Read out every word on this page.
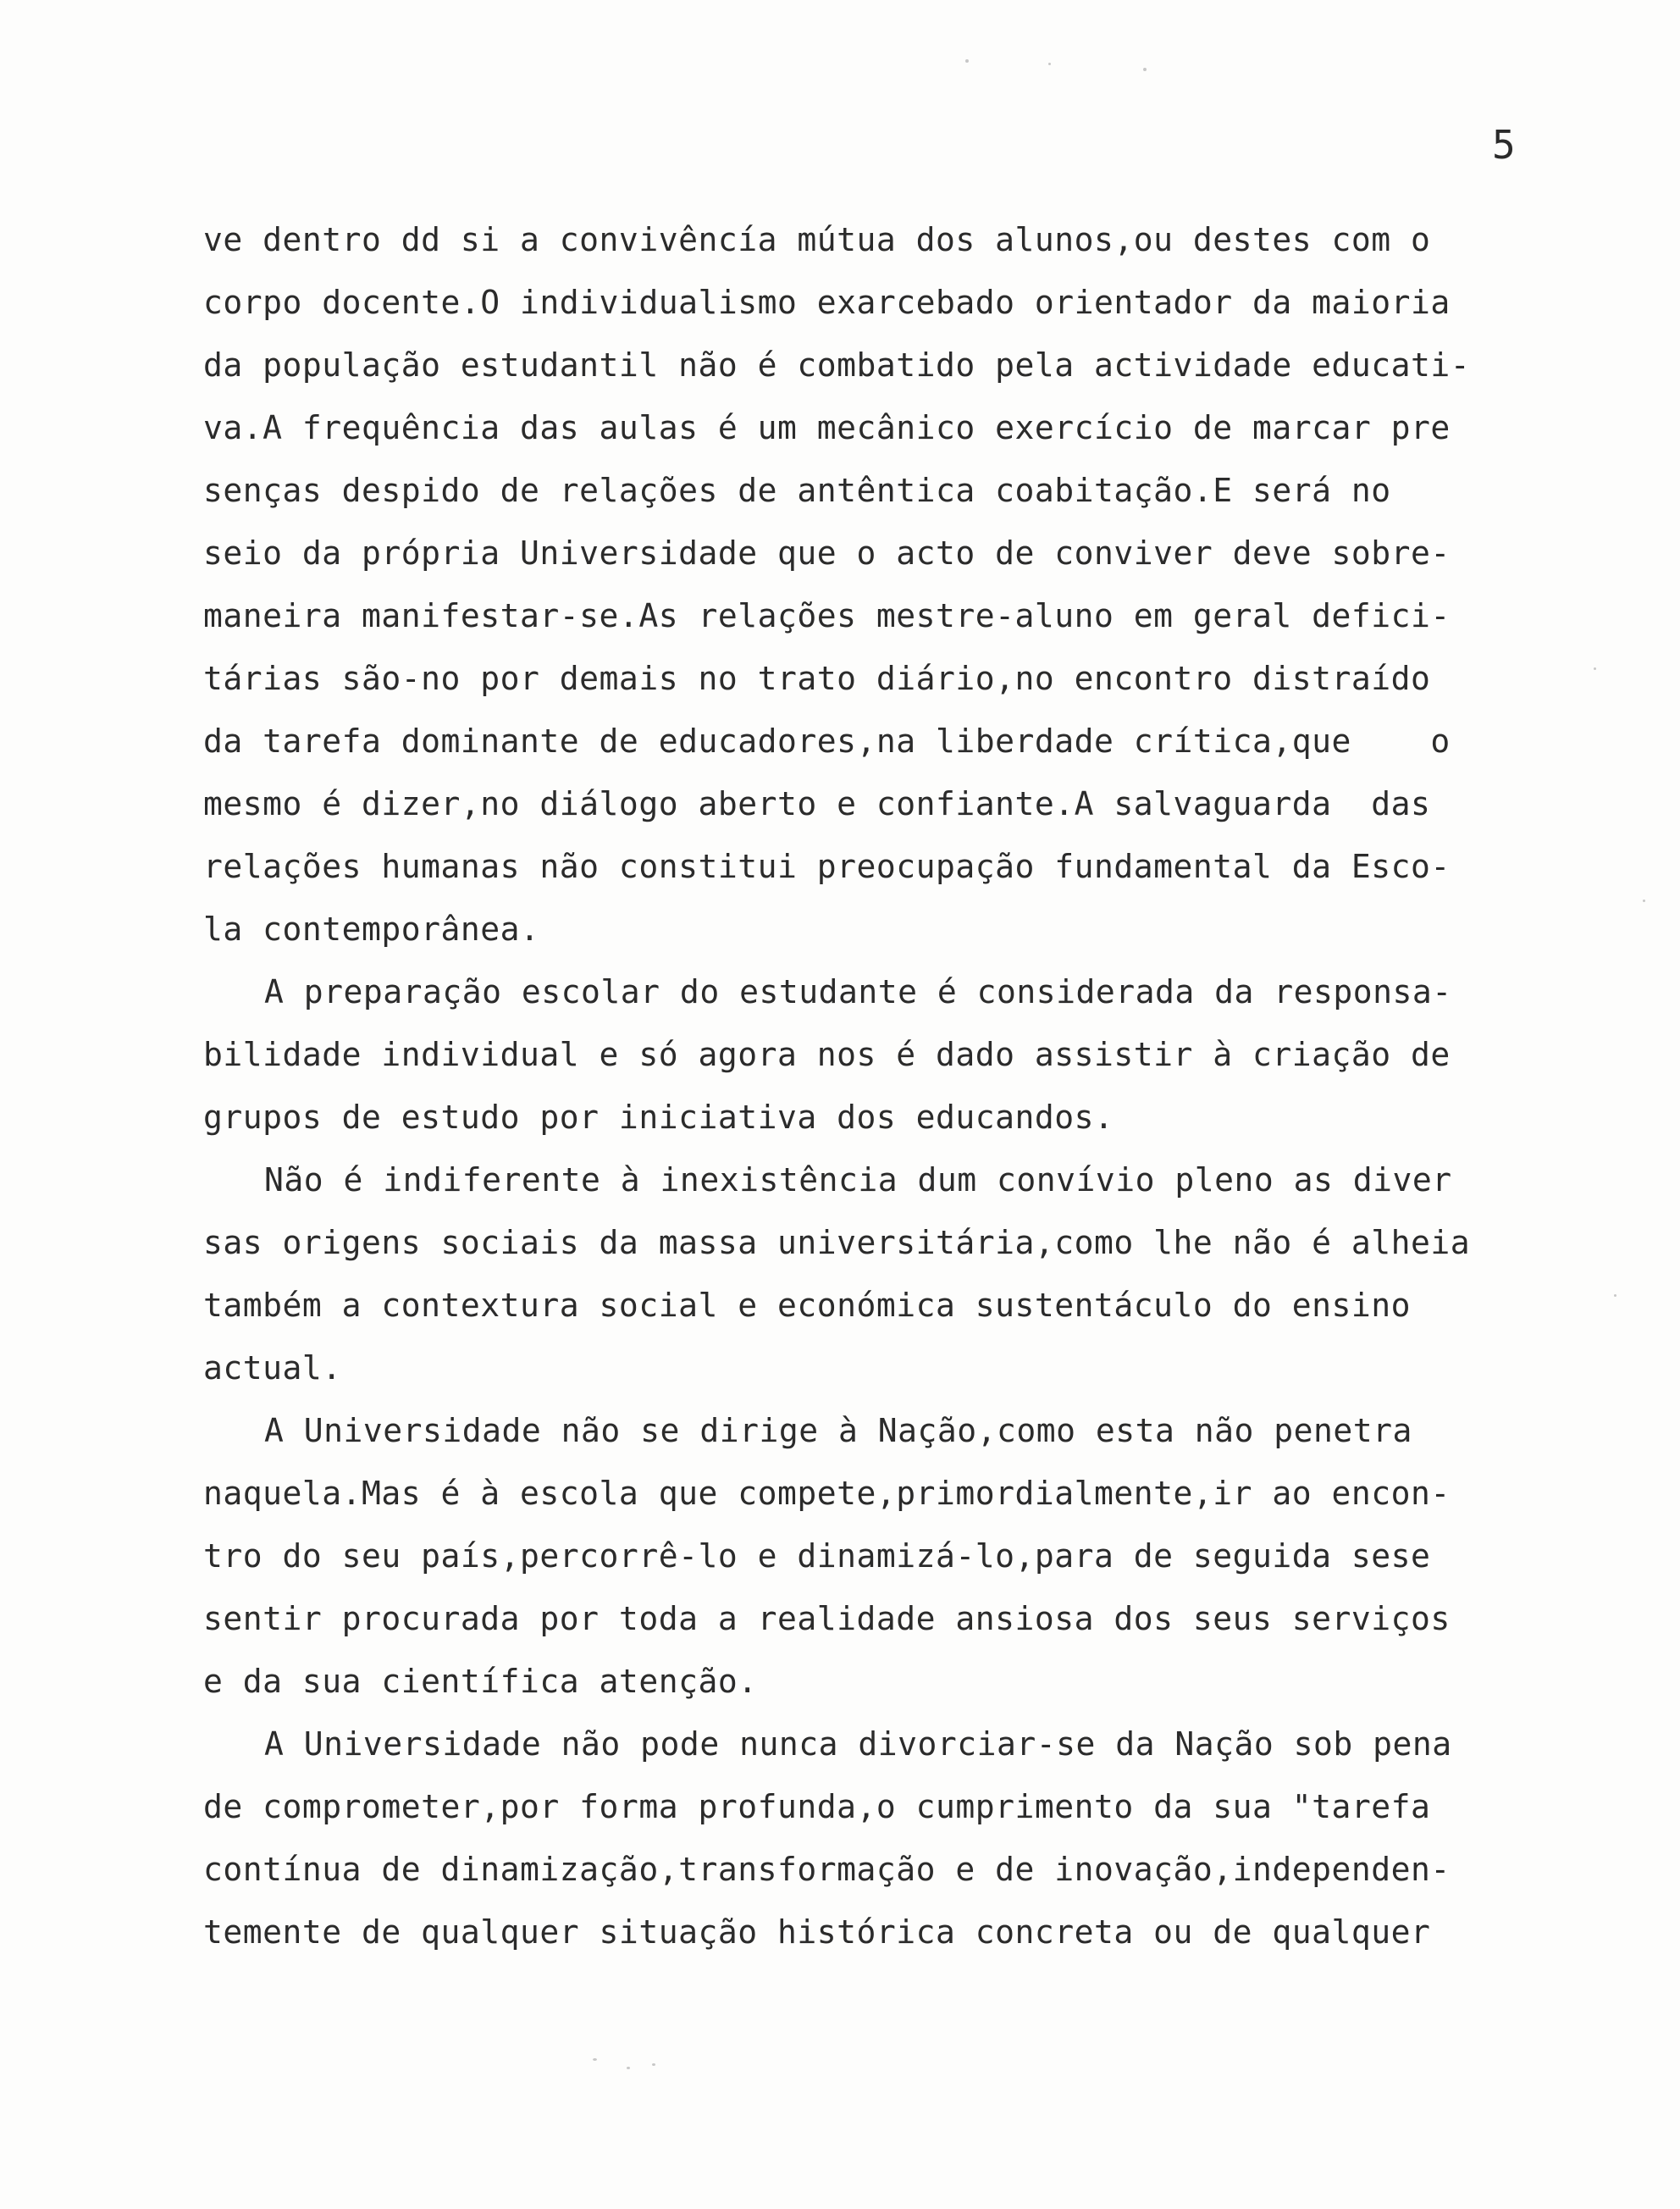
5
ve dentro dd si a convivêncía mútua dos alunos,ou destes com o
corpo docente.O individualismo exarcebado orientador da maioria
da população estudantil não é combatido pela actividade educati-
va.A frequência das aulas é um mecânico exercício de marcar pre
senças despido de relações de antêntica coabitação.E será no
seio da própria Universidade que o acto de conviver deve sobre-
maneira manifestar-se.As relações mestre-aluno em geral defici-
tárias são-no por demais no trato diário,no encontro distraído
da tarefa dominante de educadores,na liberdade crítica,que    o
mesmo é dizer,no diálogo aberto e confiante.A salvaguarda  das
relações humanas não constitui preocupação fundamental da Esco-
la contemporânea.
A preparação escolar do estudante é considerada da responsa-
bilidade individual e só agora nos é dado assistir à criação de
grupos de estudo por iniciativa dos educandos.
Não é indiferente à inexistência dum convívio pleno as diver
sas origens sociais da massa universitária,como lhe não é alheia
também a contextura social e económica sustentáculo do ensino
actual.
A Universidade não se dirige à Nação,como esta não penetra
naquela.Mas é à escola que compete,primordialmente,ir ao encon-
tro do seu país,percorrê-lo e dinamizá-lo,para de seguida sese
sentir procurada por toda a realidade ansiosa dos seus serviços
e da sua científica atenção.
A Universidade não pode nunca divorciar-se da Nação sob pena
de comprometer,por forma profunda,o cumprimento da sua "tarefa
contínua de dinamização,transformação e de inovação,independen-
temente de qualquer situação histórica concreta ou de qualquer
